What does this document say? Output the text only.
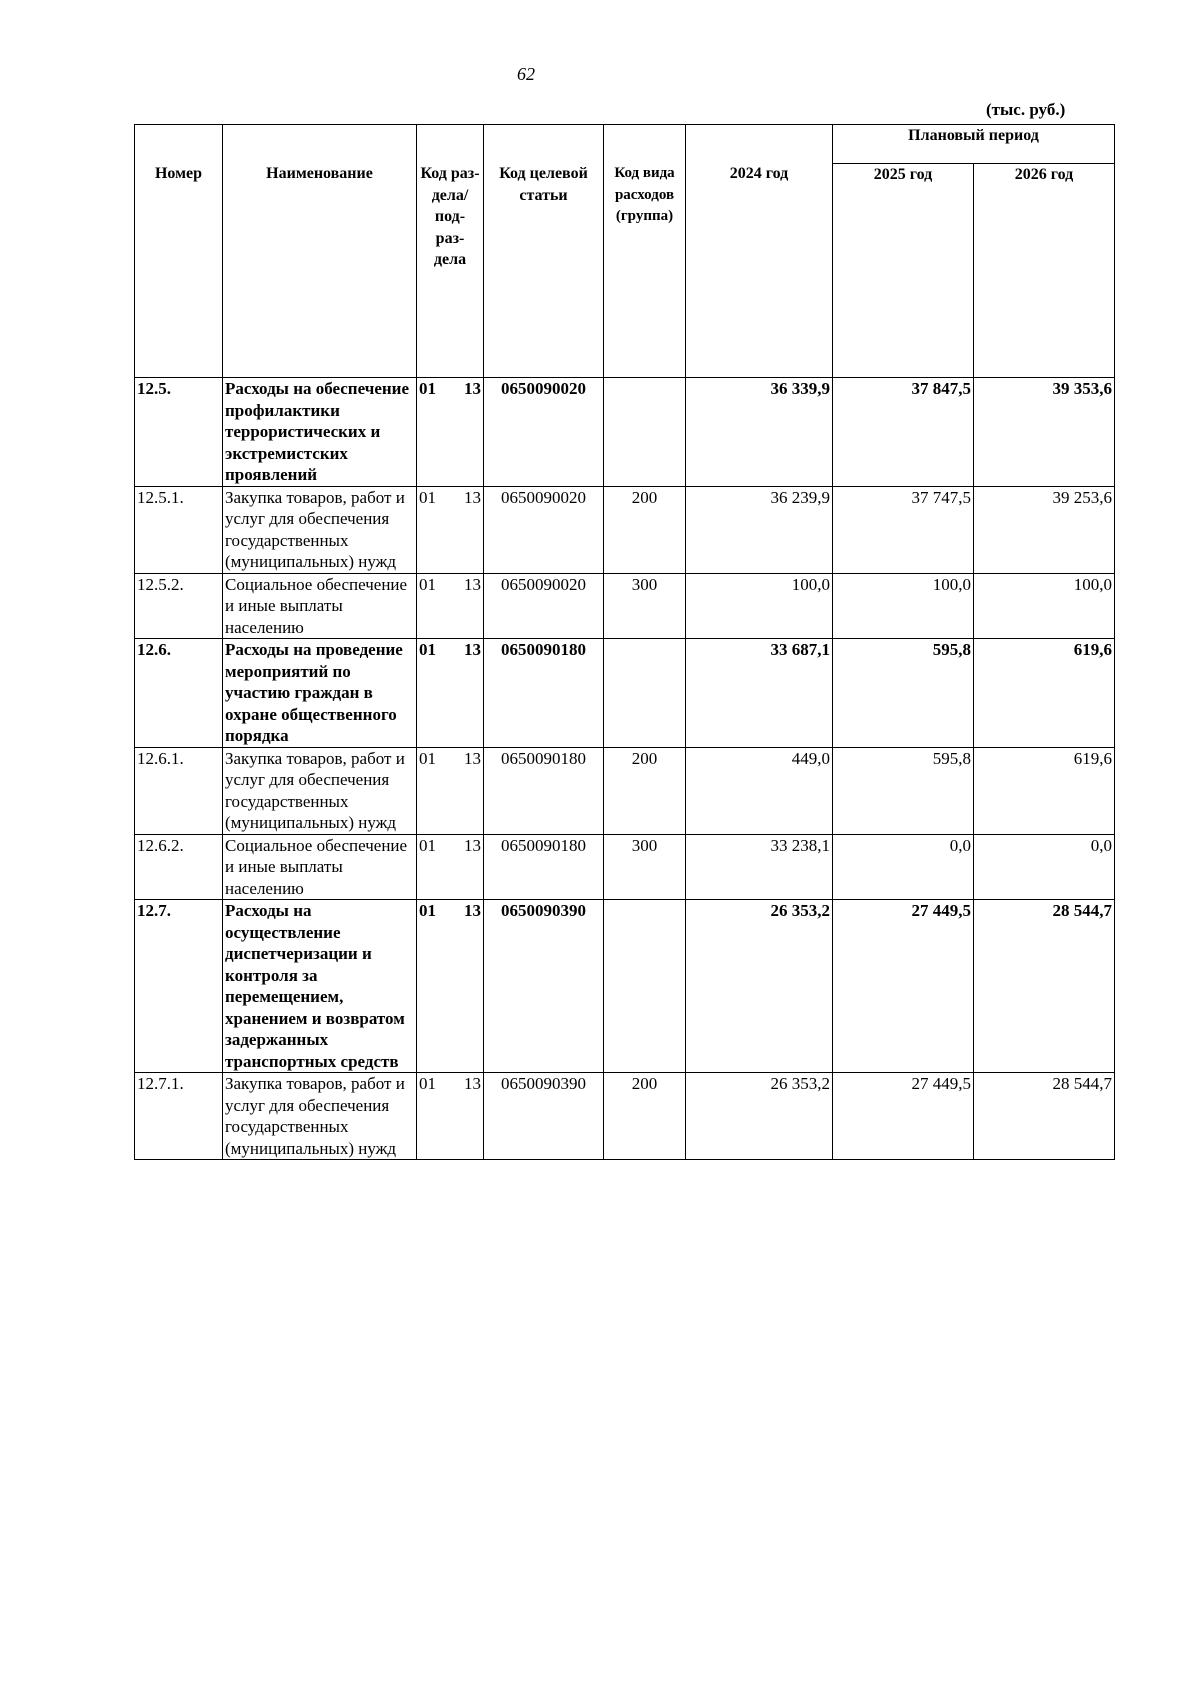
62
(тыс. руб.)
Номер	Наименование	Код раз- дела/ под- раз- дела	Код целевой статьи	Код вида расходов (группа)	2024 год	Плановый период	
						2025 год	2026 год
12.5.	Расходы на обеспечение профилактики террористических и экстремистских проявлений	01 13	0650090020		36 339,9	37 847,5	39 353,6
12.5.1.	Закупка товаров, работ и услуг для обеспечения государственных (муниципальных) нужд	01 13	0650090020	200	36 239,9	37 747,5	39 253,6
12.5.2.	Социальное обеспечение и иные выплаты населению	01 13	0650090020	300	100,0	100,0	100,0
12.6.	Расходы на проведение мероприятий по участию граждан в охране общественного порядка	01 13	0650090180		33 687,1	595,8	619,6
12.6.1.	Закупка товаров, работ и услуг для обеспечения государственных (муниципальных) нужд	01 13	0650090180	200	449,0	595,8	619,6
12.6.2.	Социальное обеспечение и иные выплаты населению	01 13	0650090180	300	33 238,1	0,0	0,0
12.7.	Расходы на осуществление диспетчеризации и контроля за перемещением, хранением и возвратом задержанных транспортных средств	01 13	0650090390		26 353,2	27 449,5	28 544,7
12.7.1.	Закупка товаров, работ и услуг для обеспечения государственных (муниципальных) нужд	01 13	0650090390	200	26 353,2	27 449,5	28 544,7
